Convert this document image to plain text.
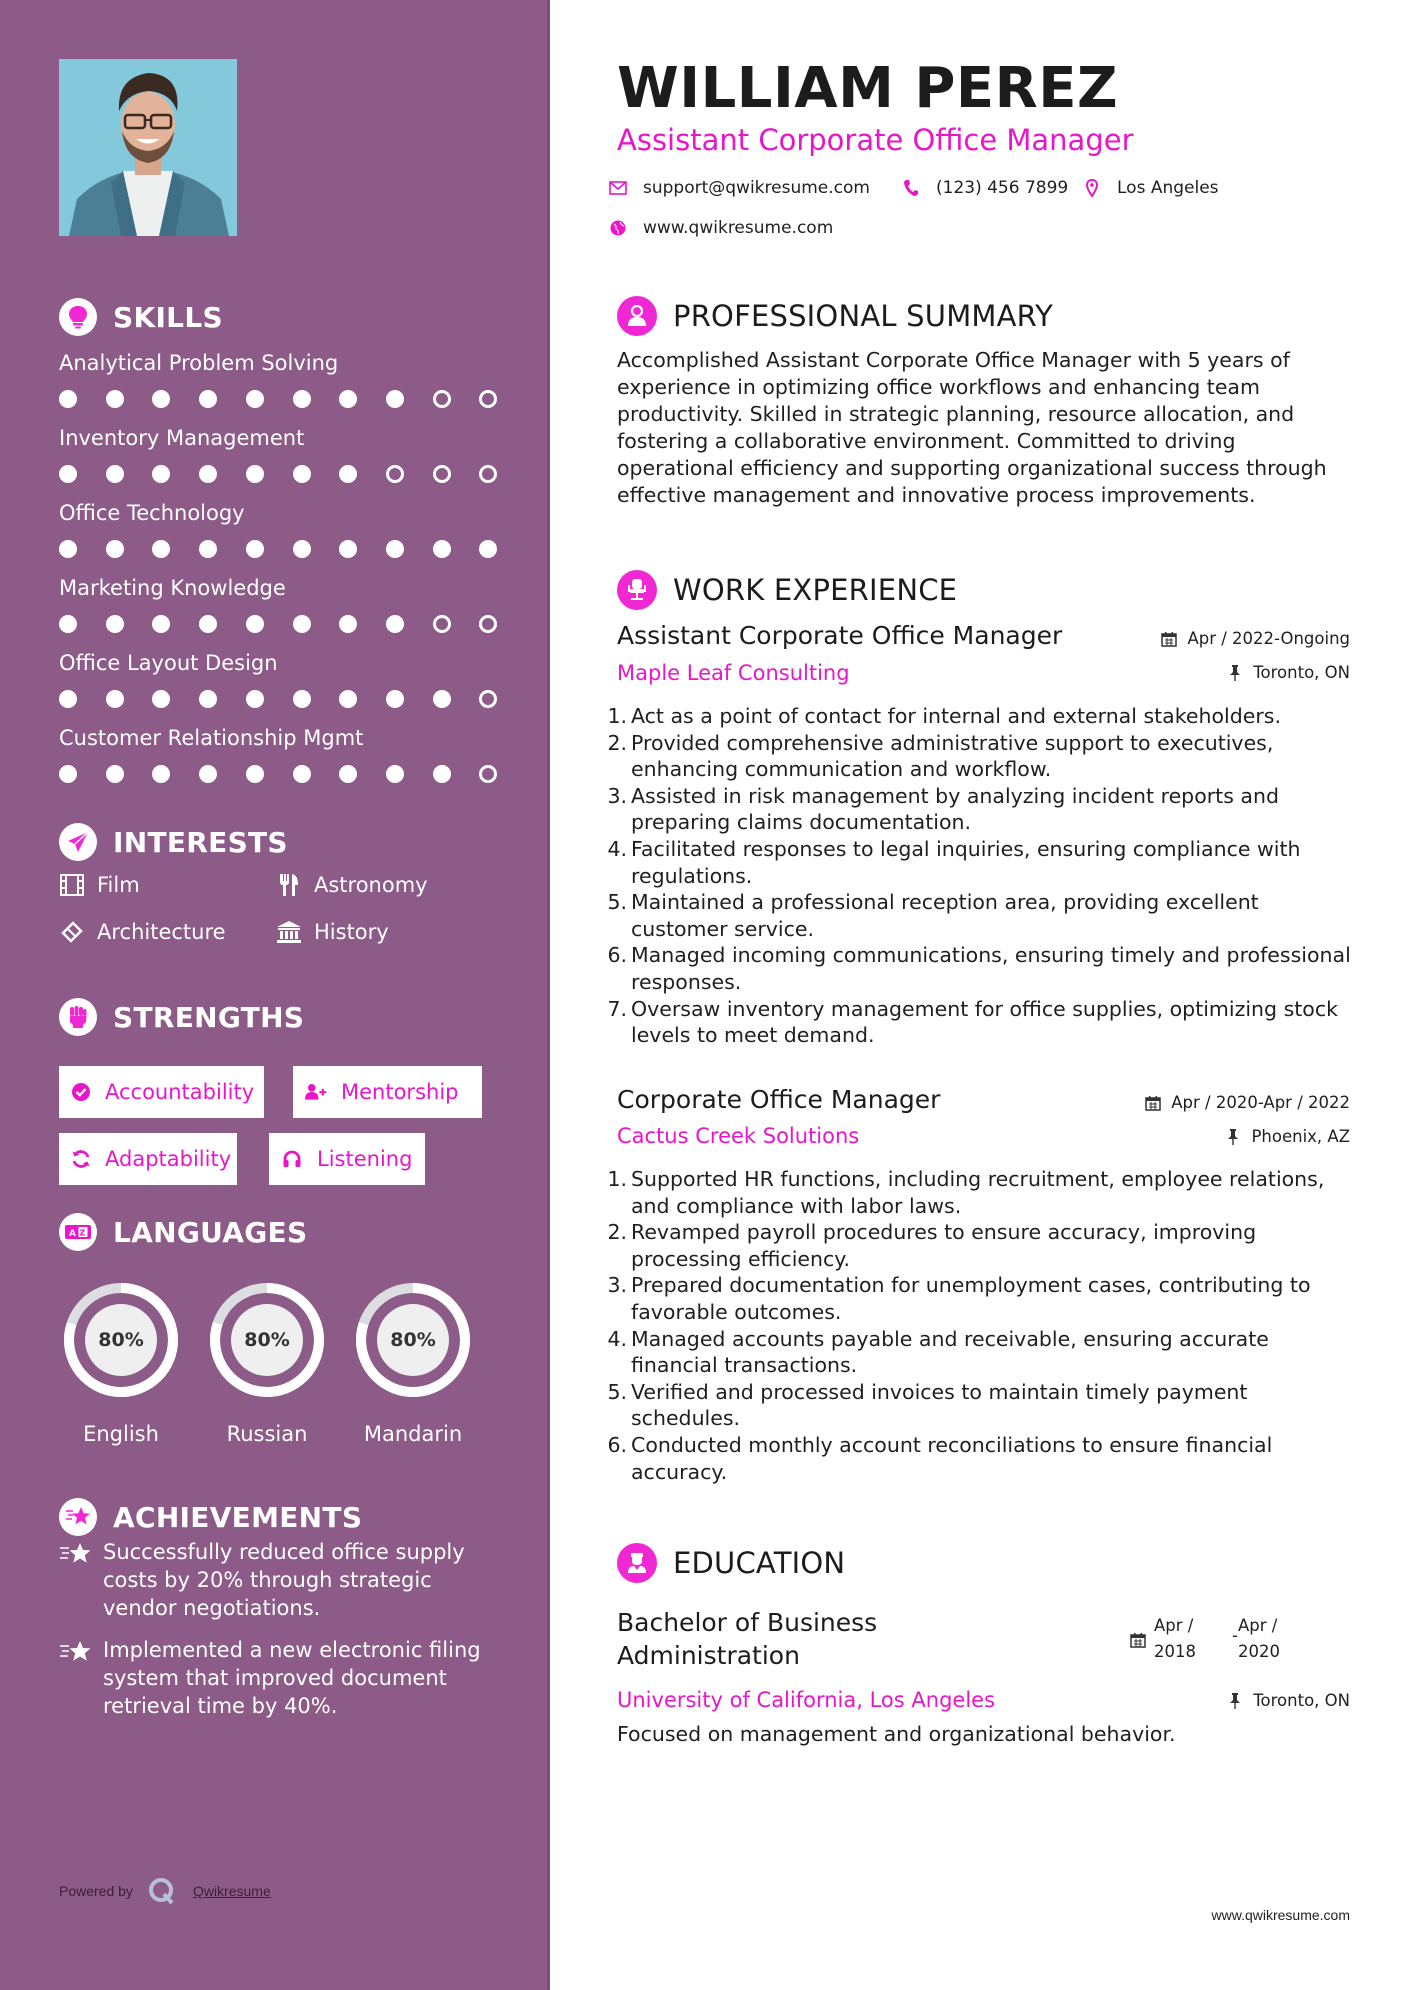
SKILLS
Analytical Problem Solving
Inventory Management
Office Technology
Marketing Knowledge
Office Layout Design
Customer Relationship Mgmt
INTERESTS
Film	Astronomy
Architecture	History
STRENGTHS
Accountability	Mentorship
Adaptability	Listening
A Z LANGUAGES
80%
English
80%
Russian
80%
Mandarin
ACHIEVEMENTS
Successfully reduced office supply costs by 20% through strategic vendor negotiations.
Implemented a new electronic filing system that improved document retrieval time by 40%.
Powered by	Qwikresume
WILLIAM PEREZ
Assistant Corporate Office Manager
support@qwikresume.com	(123) 456 7899	Los Angeles
www.qwikresume.com
PROFESSIONAL SUMMARY

Accomplished Assistant Corporate Office Manager with 5 years of experience in optimizing office workflows and enhancing team productivity. Skilled in strategic planning, resource allocation, and fostering a collaborative environment. Committed to driving operational efficiency and supporting organizational success through effective management and innovative process improvements.

WORK EXPERIENCE
Assistant Corporate Office Manager	Apr / 2022-Ongoing
Maple Leaf Consulting	Toronto, ON
1. Act as a point of contact for internal and external stakeholders.
2. Provided comprehensive administrative support to executives, enhancing communication and workflow.
3. Assisted in risk management by analyzing incident reports and preparing claims documentation.
4. Facilitated responses to legal inquiries, ensuring compliance with regulations.
5. Maintained a professional reception area, providing excellent customer service.
6. Managed incoming communications, ensuring timely and professional responses.
7. Oversaw inventory management for office supplies, optimizing stock levels to meet demand.
Corporate Office Manager	Apr / 2020-Apr / 2022
Cactus Creek Solutions	Phoenix, AZ
1. Supported HR functions, including recruitment, employee relations, and compliance with labor laws.
2. Revamped payroll procedures to ensure accuracy, improving processing efficiency.
3. Prepared documentation for unemployment cases, contributing to favorable outcomes.
4. Managed accounts payable and receivable, ensuring accurate financial transactions.
5. Verified and processed invoices to maintain timely payment schedules.
6. Conducted monthly account reconciliations to ensure financial accuracy.
EDUCATION
Bachelor of Business
Administration
Apr /
2018
-
Apr /
2020
University of California, Los Angeles	Toronto, ON

Focused on management and organizational behavior.

www.qwikresume.com
